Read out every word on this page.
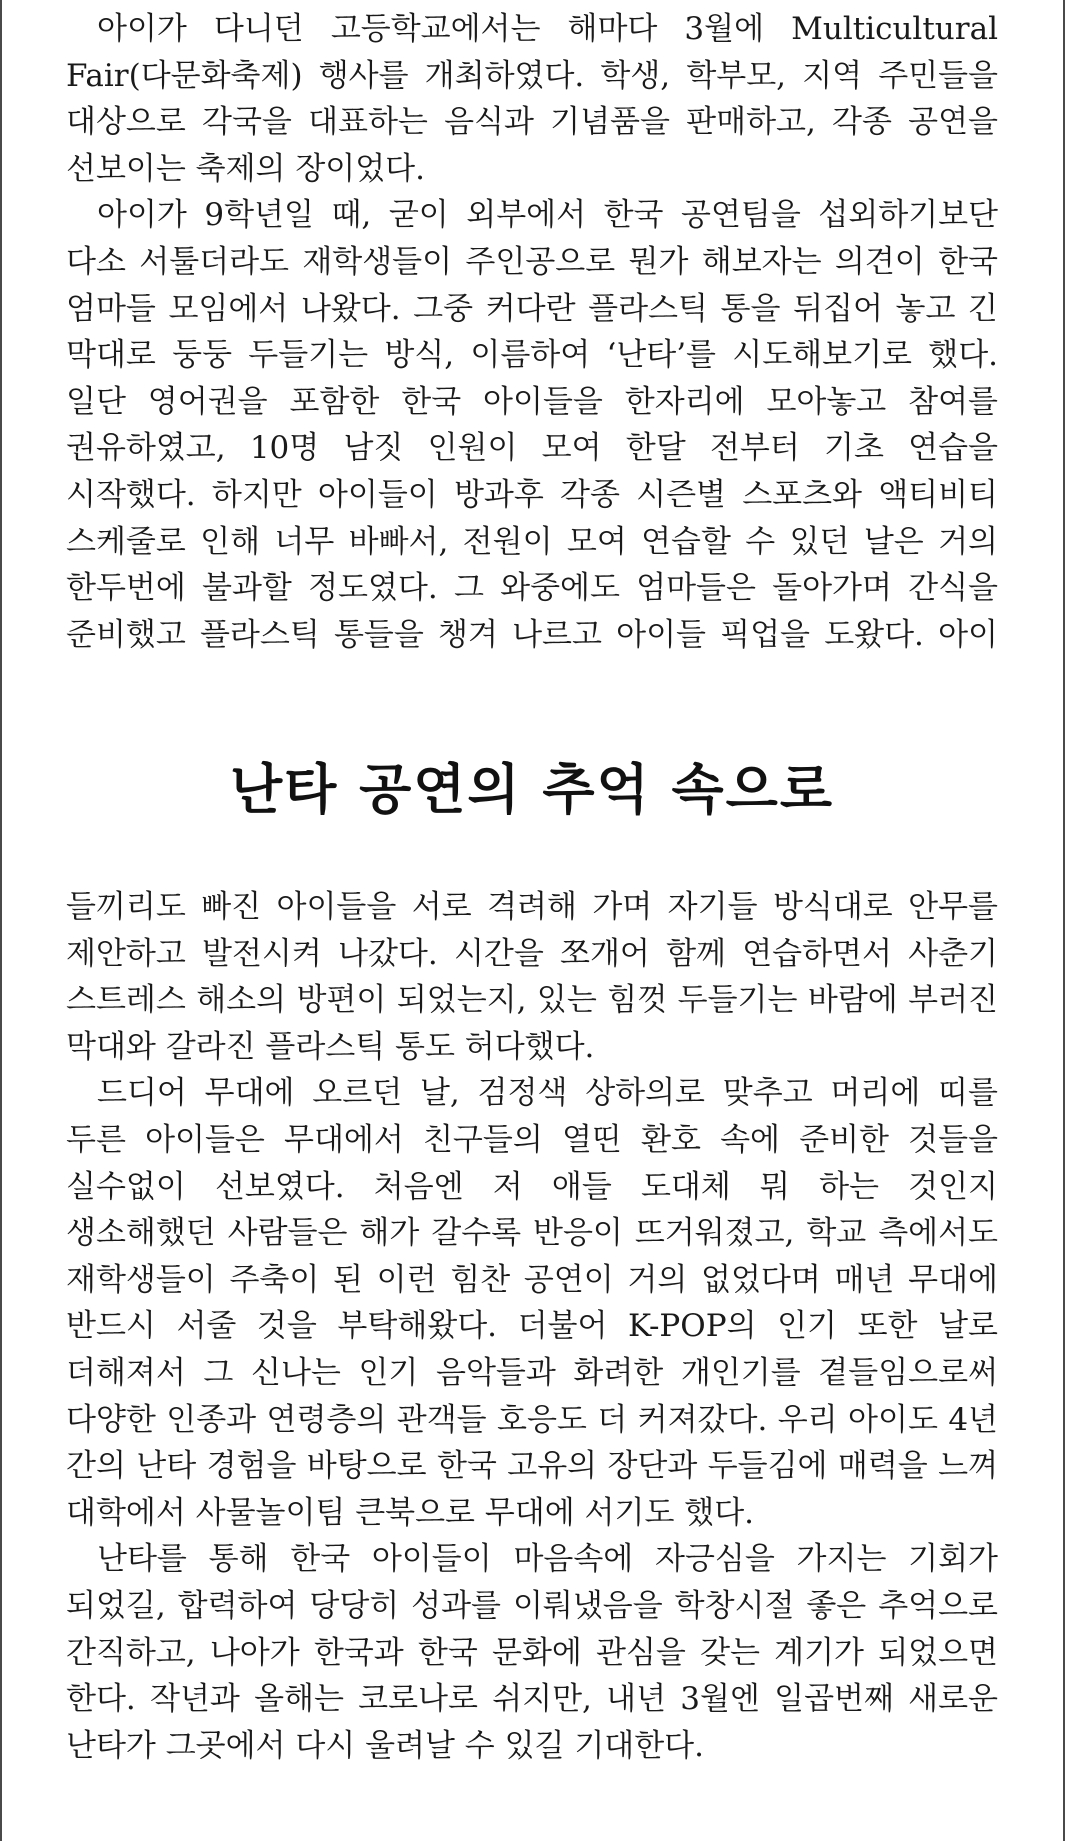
아이가 다니던 고등학교에서는 해마다 3월에 Multicultural Fair(다문화축제) 행사를 개최하였다. 학생, 학부모, 지역 주민들을 대상으로 각국을 대표하는 음식과 기념품을 판매하고, 각종 공연을 선보이는 축제의 장이었다.

아이가 9학년일 때, 굳이 외부에서 한국 공연팀을 섭외하기보단 다소 서툴더라도 재학생들이 주인공으로 뭔가 해보자는 의견이 한국 엄마들 모임에서 나왔다. 그중 커다란 플라스틱 통을 뒤집어 놓고 긴 막대로 둥둥 두들기는 방식, 이름하여 ‘난타’를 시도해보기로 했다. 일단 영어권을 포함한 한국 아이들을 한자리에 모아놓고 참여를 권유하였고, 10명 남짓 인원이 모여 한달 전부터 기초 연습을 시작했다. 하지만 아이들이 방과후 각종 시즌별 스포츠와 액티비티 스케줄로 인해 너무 바빠서, 전원이 모여 연습할 수 있던 날은 거의 한두번에 불과할 정도였다. 그 와중에도 엄마들은 돌아가며 간식을 준비했고 플라스틱 통들을 챙겨 나르고 아이들 픽업을 도왔다. 아이

난타 공연의 추억 속으로

들끼리도 빠진 아이들을 서로 격려해 가며 자기들 방식대로 안무를 제안하고 발전시켜 나갔다. 시간을 쪼개어 함께 연습하면서 사춘기 스트레스 해소의 방편이 되었는지, 있는 힘껏 두들기는 바람에 부러진 막대와 갈라진 플라스틱 통도 허다했다.

드디어 무대에 오르던 날, 검정색 상하의로 맞추고 머리에 띠를 두른 아이들은 무대에서 친구들의 열띤 환호 속에 준비한 것들을 실수없이 선보였다. 처음엔 저 애들 도대체 뭐 하는 것인지 생소해했던 사람들은 해가 갈수록 반응이 뜨거워졌고, 학교 측에서도 재학생들이 주축이 된 이런 힘찬 공연이 거의 없었다며 매년 무대에 반드시 서줄 것을 부탁해왔다. 더불어 K-POP의 인기 또한 날로 더해져서 그 신나는 인기 음악들과 화려한 개인기를 곁들임으로써 다양한 인종과 연령층의 관객들 호응도 더 커져갔다. 우리 아이도 4년 간의 난타 경험을 바탕으로 한국 고유의 장단과 두들김에 매력을 느껴 대학에서 사물놀이팀 큰북으로 무대에 서기도 했다.

난타를 통해 한국 아이들이 마음속에 자긍심을 가지는 기회가 되었길, 합력하여 당당히 성과를 이뤄냈음을 학창시절 좋은 추억으로 간직하고, 나아가 한국과 한국 문화에 관심을 갖는 계기가 되었으면 한다. 작년과 올해는 코로나로 쉬지만, 내년 3월엔 일곱번째 새로운 난타가 그곳에서 다시 울려날 수 있길 기대한다.
